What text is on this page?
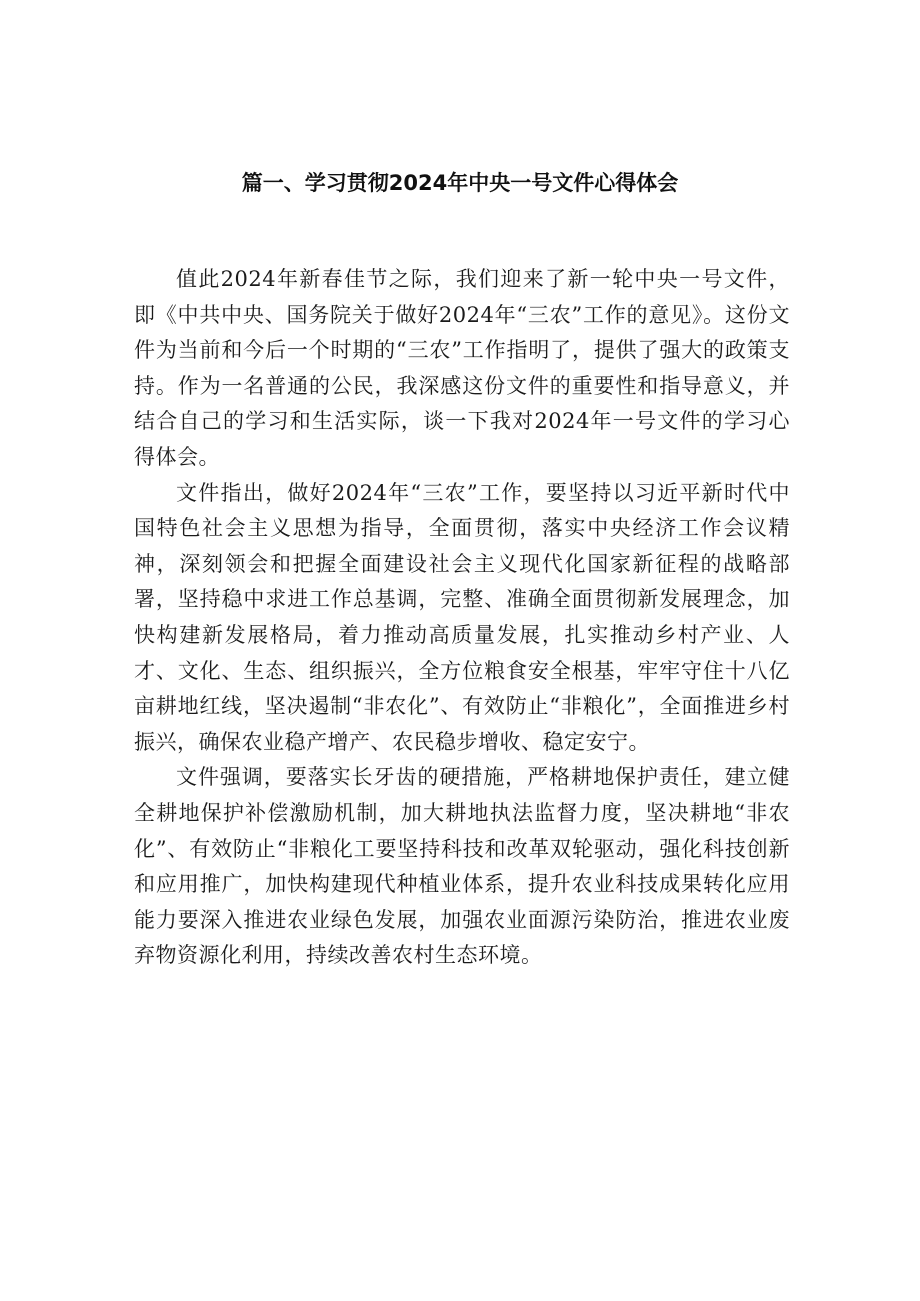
篇一、学习贯彻2024年中央一号文件心得体会

值此2024年新春佳节之际，我们迎来了新一轮中央一号文件，即《中共中央、国务院关于做好2024年“三农”工作的意见》。这份文件为当前和今后一个时期的“三农”工作指明了，提供了强大的政策支持。作为一名普通的公民，我深感这份文件的重要性和指导意义，并结合自己的学习和生活实际，谈一下我对2024年一号文件的学习心得体会。

文件指出，做好2024年“三农”工作，要坚持以习近平新时代中国特色社会主义思想为指导，全面贯彻，落实中央经济工作会议精神，深刻领会和把握全面建设社会主义现代化国家新征程的战略部署，坚持稳中求进工作总基调，完整、准确全面贯彻新发展理念，加快构建新发展格局，着力推动高质量发展，扎实推动乡村产业、人才、文化、生态、组织振兴，全方位粮食安全根基，牢牢守住十八亿亩耕地红线，坚决遏制“非农化”、有效防止“非粮化”，全面推进乡村振兴，确保农业稳产增产、农民稳步增收、稳定安宁。

文件强调，要落实长牙齿的硬措施，严格耕地保护责任，建立健全耕地保护补偿激励机制，加大耕地执法监督力度，坚决耕地“非农化”、有效防止“非粮化工要坚持科技和改革双轮驱动，强化科技创新和应用推广，加快构建现代种植业体系，提升农业科技成果转化应用能力要深入推进农业绿色发展，加强农业面源污染防治，推进农业废弃物资源化利用，持续改善农村生态环境。
